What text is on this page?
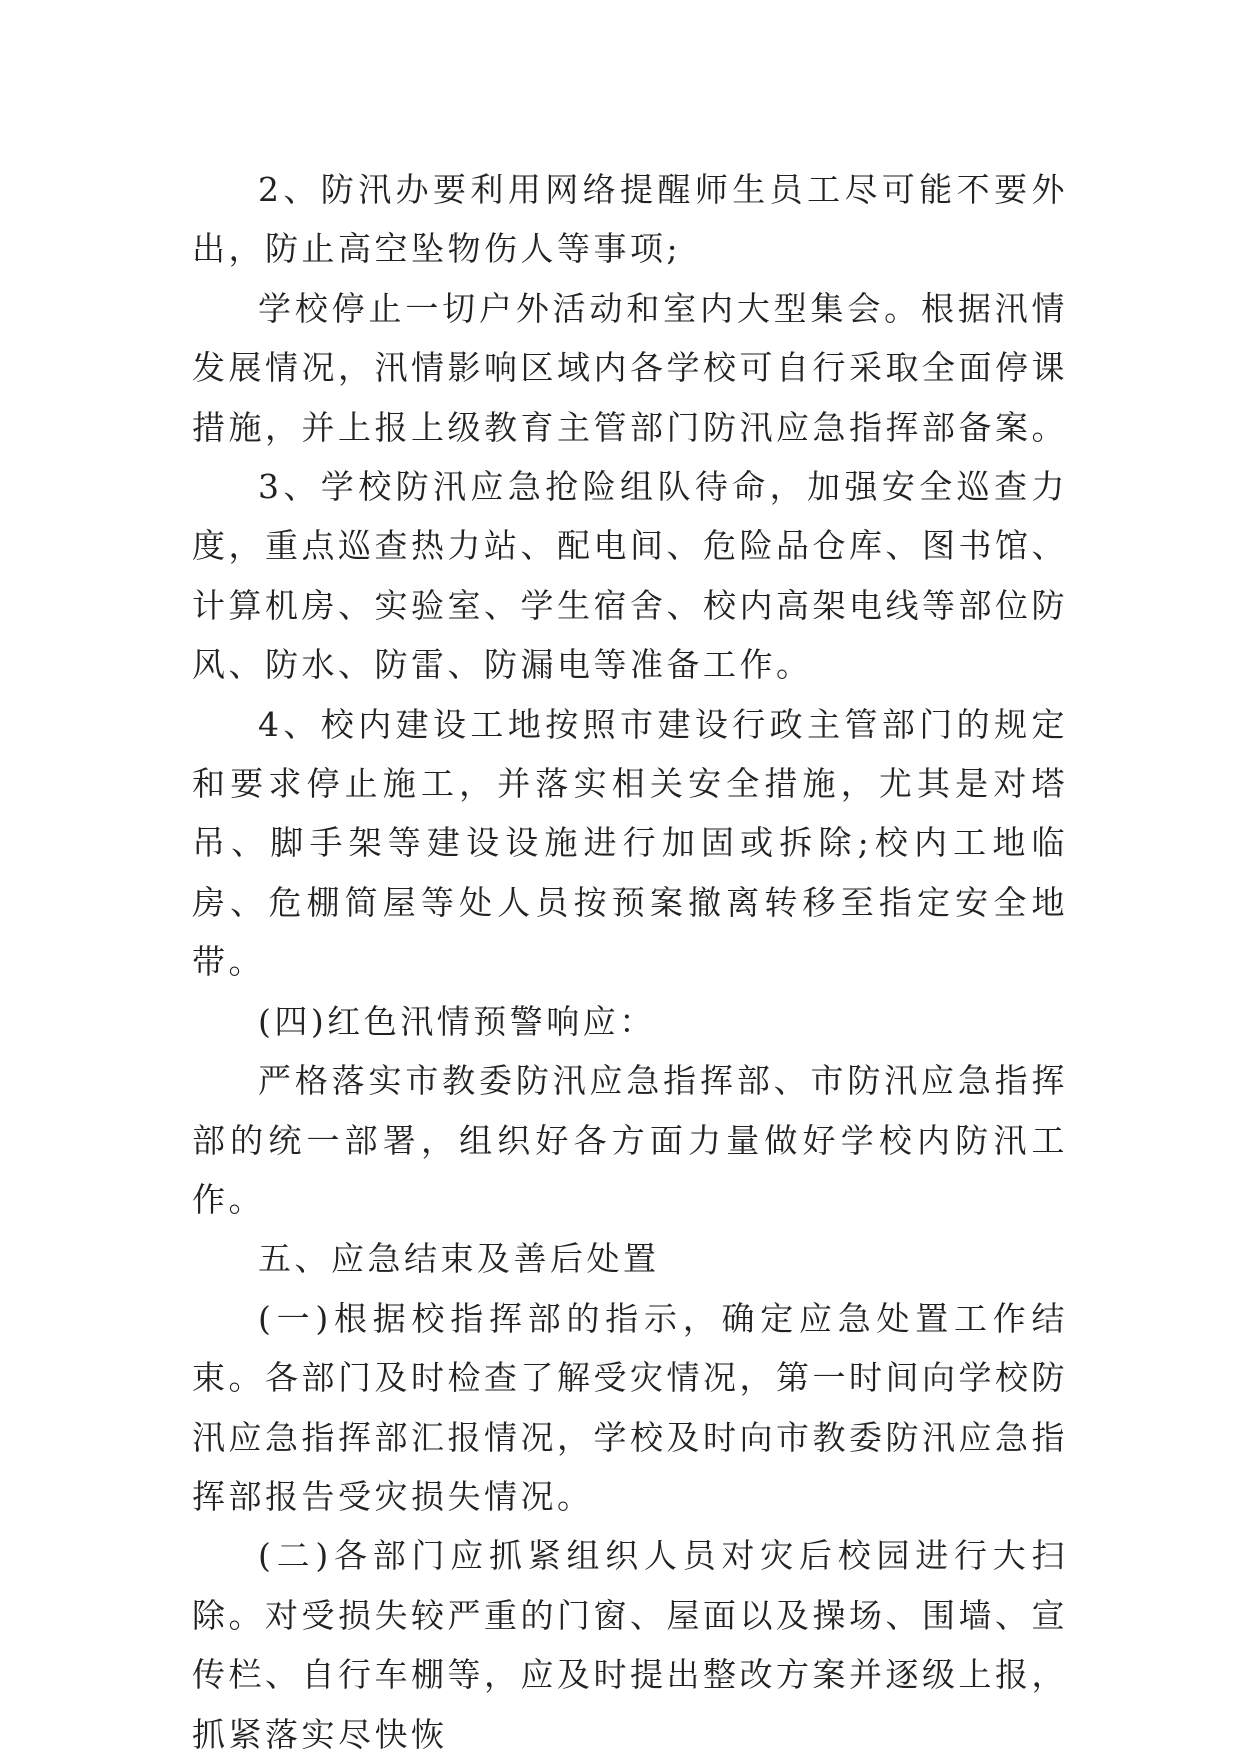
2、防汛办要利用网络提醒师生员工尽可能不要外出，防止高空坠物伤人等事项;

学校停止一切户外活动和室内大型集会。根据汛情发展情况，汛情影响区域内各学校可自行采取全面停课措施，并上报上级教育主管部门防汛应急指挥部备案。

3、学校防汛应急抢险组队待命，加强安全巡查力度，重点巡查热力站、配电间、危险品仓库、图书馆、计算机房、实验室、学生宿舍、校内高架电线等部位防风、防水、防雷、防漏电等准备工作。

4、校内建设工地按照市建设行政主管部门的规定和要求停止施工，并落实相关安全措施，尤其是对塔吊、脚手架等建设设施进行加固或拆除;校内工地临房、危棚简屋等处人员按预案撤离转移至指定安全地带。

(四)红色汛情预警响应：

严格落实市教委防汛应急指挥部、市防汛应急指挥部的统一部署，组织好各方面力量做好学校内防汛工作。

五、应急结束及善后处置

(一)根据校指挥部的指示，确定应急处置工作结束。各部门及时检查了解受灾情况，第一时间向学校防汛应急指挥部汇报情况，学校及时向市教委防汛应急指挥部报告受灾损失情况。

(二)各部门应抓紧组织人员对灾后校园进行大扫除。对受损失较严重的门窗、屋面以及操场、围墙、宣传栏、自行车棚等，应及时提出整改方案并逐级上报，抓紧落实尽快恢
